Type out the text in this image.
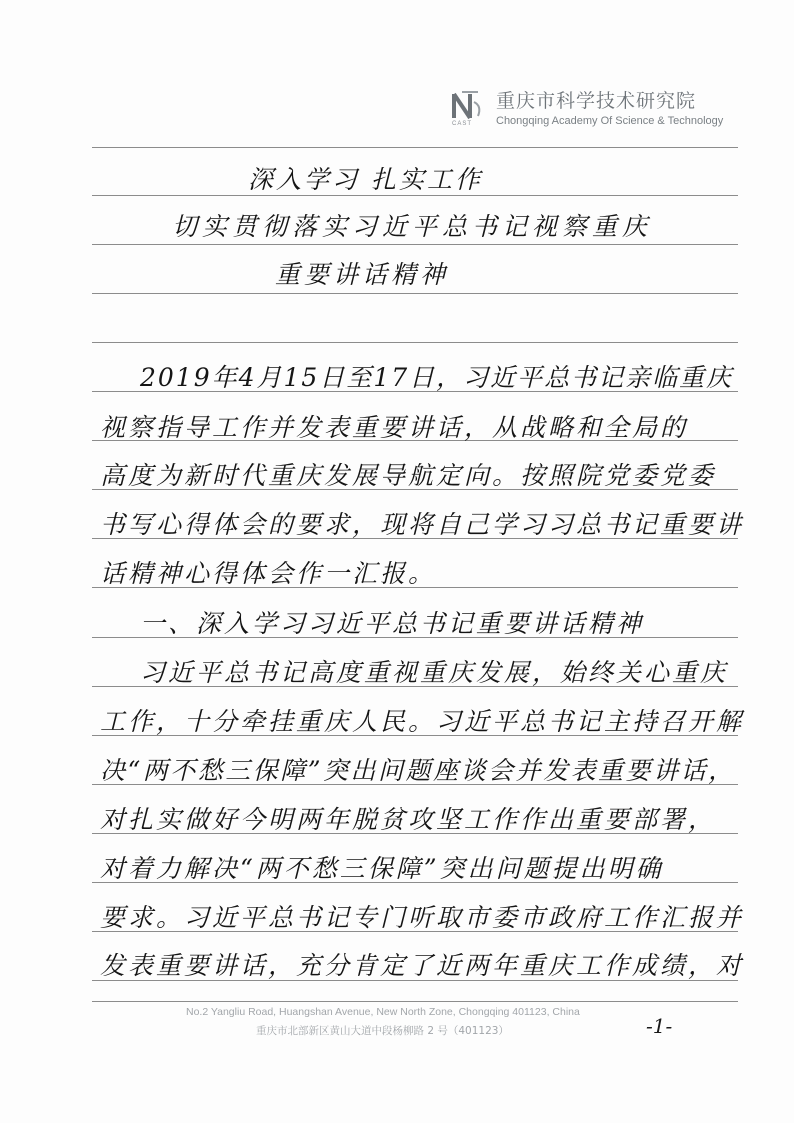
CAST
重庆市科学技术研究院
Chongqing Academy Of Science & Technology
深入学习 扎实工作
切实贯彻落实习近平总书记视察重庆
重要讲话精神
2019年4月15日至17日，习近平总书记亲临重庆
视察指导工作并发表重要讲话，从战略和全局的
高度为新时代重庆发展导航定向。按照院党委党委
书写心得体会的要求，现将自己学习习总书记重要讲
话精神心得体会作一汇报。
一、深入学习习近平总书记重要讲话精神
习近平总书记高度重视重庆发展，始终关心重庆
工作，十分牵挂重庆人民。习近平总书记主持召开解
决“两不愁三保障”突出问题座谈会并发表重要讲话，
对扎实做好今明两年脱贫攻坚工作作出重要部署，
对着力解决“两不愁三保障”突出问题提出明确
要求。习近平总书记专门听取市委市政府工作汇报并
发表重要讲话，充分肯定了近两年重庆工作成绩，对
No.2 Yangliu Road, Huangshan Avenue, New North Zone, Chongqing 401123, China
重庆市北部新区黄山大道中段杨柳路 2 号（401123）	-1-
